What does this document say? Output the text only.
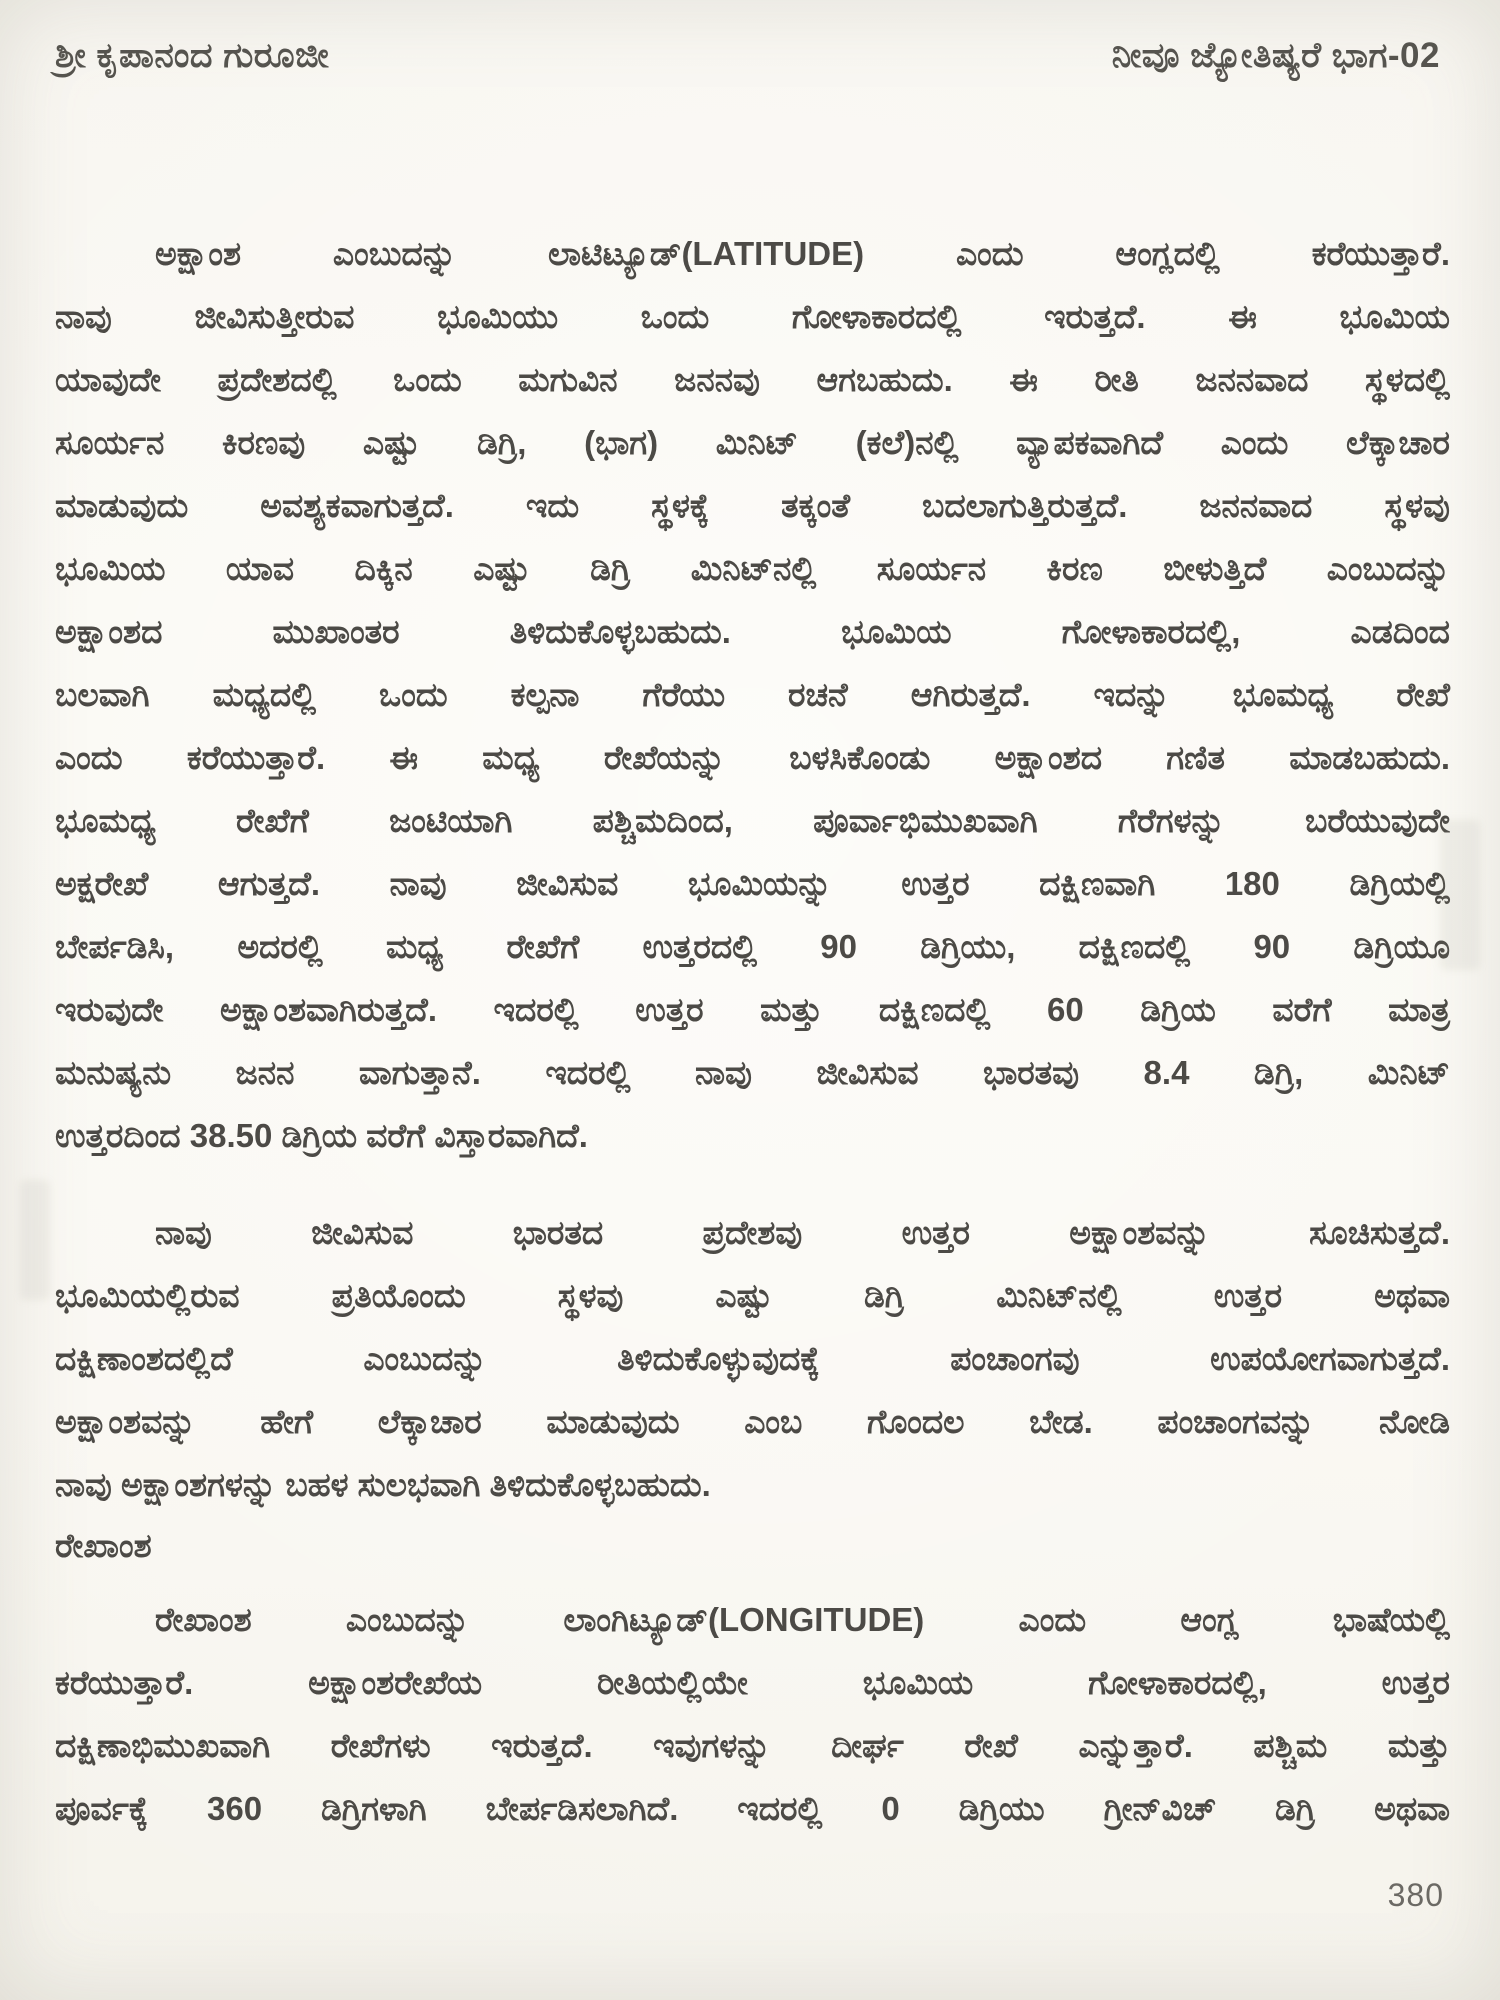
ಶ್ರೀ ಕೃಪಾನಂದ ಗುರೂಜೀ	ನೀವೂ ಜ್ಯೋತಿಷ್ಯರೆ ಭಾಗ-02
ಅಕ್ಷಾಂಶ ಎಂಬುದನ್ನು ಲಾಟಿಟ್ಯೂಡ್(LATITUDE) ಎಂದು ಆಂಗ್ಲದಲ್ಲಿ ಕರೆಯುತ್ತಾರೆ.
ನಾವು ಜೀವಿಸುತ್ತೀರುವ ಭೂಮಿಯು ಒಂದು ಗೋಳಾಕಾರದಲ್ಲಿ ಇರುತ್ತದೆ. ಈ ಭೂಮಿಯ
ಯಾವುದೇ ಪ್ರದೇಶದಲ್ಲಿ ಒಂದು ಮಗುವಿನ ಜನನವು ಆಗಬಹುದು. ಈ ರೀತಿ ಜನನವಾದ ಸ್ಥಳದಲ್ಲಿ
ಸೂರ್ಯನ ಕಿರಣವು ಎಷ್ಟು ಡಿಗ್ರಿ, (ಭಾಗ) ಮಿನಿಟ್ (ಕಲೆ)ನಲ್ಲಿ ವ್ಯಾಪಕವಾಗಿದೆ ಎಂದು ಲೆಕ್ಕಾಚಾರ
ಮಾಡುವುದು ಅವಶ್ಯಕವಾಗುತ್ತದೆ. ಇದು ಸ್ಥಳಕ್ಕೆ ತಕ್ಕಂತೆ ಬದಲಾಗುತ್ತಿರುತ್ತದೆ. ಜನನವಾದ ಸ್ಥಳವು
ಭೂಮಿಯ ಯಾವ ದಿಕ್ಕಿನ ಎಷ್ಟು ಡಿಗ್ರಿ ಮಿನಿಟ್‌ನಲ್ಲಿ ಸೂರ್ಯನ ಕಿರಣ ಬೀಳುತ್ತಿದೆ ಎಂಬುದನ್ನು
ಅಕ್ಷಾಂಶದ ಮುಖಾಂತರ ತಿಳಿದುಕೊಳ್ಳಬಹುದು. ಭೂಮಿಯ ಗೋಳಾಕಾರದಲ್ಲಿ, ಎಡದಿಂದ
ಬಲವಾಗಿ ಮಧ್ಯದಲ್ಲಿ ಒಂದು ಕಲ್ಪನಾ ಗೆರೆಯು ರಚನೆ ಆಗಿರುತ್ತದೆ. ಇದನ್ನು ಭೂಮಧ್ಯ ರೇಖೆ
ಎಂದು ಕರೆಯುತ್ತಾರೆ. ಈ ಮಧ್ಯ ರೇಖೆಯನ್ನು ಬಳಸಿಕೊಂಡು ಅಕ್ಷಾಂಶದ ಗಣಿತ ಮಾಡಬಹುದು.
ಭೂಮಧ್ಯ ರೇಖೆಗೆ ಜಂಟಿಯಾಗಿ ಪಶ್ಚಿಮದಿಂದ, ಪೂರ್ವಾಭಿಮುಖವಾಗಿ ಗೆರೆಗಳನ್ನು ಬರೆಯುವುದೇ
ಅಕ್ಷರೇಖೆ ಆಗುತ್ತದೆ. ನಾವು ಜೀವಿಸುವ ಭೂಮಿಯನ್ನು ಉತ್ತರ ದಕ್ಷಿಣವಾಗಿ 180 ಡಿಗ್ರಿಯಲ್ಲಿ
ಬೇರ್ಪಡಿಸಿ, ಅದರಲ್ಲಿ ಮಧ್ಯ ರೇಖೆಗೆ ಉತ್ತರದಲ್ಲಿ 90 ಡಿಗ್ರಿಯು, ದಕ್ಷಿಣದಲ್ಲಿ 90 ಡಿಗ್ರಿಯೂ
ಇರುವುದೇ ಅಕ್ಷಾಂಶವಾಗಿರುತ್ತದೆ. ಇದರಲ್ಲಿ ಉತ್ತರ ಮತ್ತು ದಕ್ಷಿಣದಲ್ಲಿ 60 ಡಿಗ್ರಿಯ ವರೆಗೆ ಮಾತ್ರ
ಮನುಷ್ಯನು ಜನನ ವಾಗುತ್ತಾನೆ. ಇದರಲ್ಲಿ ನಾವು ಜೀವಿಸುವ ಭಾರತವು 8.4 ಡಿಗ್ರಿ, ಮಿನಿಟ್
ಉತ್ತರದಿಂದ 38.50 ಡಿಗ್ರಿಯ ವರೆಗೆ ವಿಸ್ತಾರವಾಗಿದೆ.
ನಾವು ಜೀವಿಸುವ ಭಾರತದ ಪ್ರದೇಶವು ಉತ್ತರ ಅಕ್ಷಾಂಶವನ್ನು ಸೂಚಿಸುತ್ತದೆ.
ಭೂಮಿಯಲ್ಲಿರುವ ಪ್ರತಿಯೊಂದು ಸ್ಥಳವು ಎಷ್ಟು ಡಿಗ್ರಿ ಮಿನಿಟ್‌ನಲ್ಲಿ ಉತ್ತರ ಅಥವಾ
ದಕ್ಷಿಣಾಂಶದಲ್ಲಿದೆ ಎಂಬುದನ್ನು ತಿಳಿದುಕೊಳ್ಳುವುದಕ್ಕೆ ಪಂಚಾಂಗವು ಉಪಯೋಗವಾಗುತ್ತದೆ.
ಅಕ್ಷಾಂಶವನ್ನು ಹೇಗೆ ಲೆಕ್ಕಾಚಾರ ಮಾಡುವುದು ಎಂಬ ಗೊಂದಲ ಬೇಡ. ಪಂಚಾಂಗವನ್ನು ನೋಡಿ
ನಾವು ಅಕ್ಷಾಂಶಗಳನ್ನು ಬಹಳ ಸುಲಭವಾಗಿ ತಿಳಿದುಕೊಳ್ಳಬಹುದು.
ರೇಖಾಂಶ
ರೇಖಾಂಶ ಎಂಬುದನ್ನು ಲಾಂಗಿಟ್ಯೂಡ್(LONGITUDE) ಎಂದು ಆಂಗ್ಲ ಭಾಷೆಯಲ್ಲಿ
ಕರೆಯುತ್ತಾರೆ. ಅಕ್ಷಾಂಶರೇಖೆಯ ರೀತಿಯಲ್ಲಿಯೇ ಭೂಮಿಯ ಗೋಳಾಕಾರದಲ್ಲಿ, ಉತ್ತರ
ದಕ್ಷಿಣಾಭಿಮುಖವಾಗಿ ರೇಖೆಗಳು ಇರುತ್ತದೆ. ಇವುಗಳನ್ನು ದೀರ್ಘ ರೇಖೆ ಎನ್ನುತ್ತಾರೆ. ಪಶ್ಚಿಮ ಮತ್ತು
ಪೂರ್ವಕ್ಕೆ 360 ಡಿಗ್ರಿಗಳಾಗಿ ಬೇರ್ಪಡಿಸಲಾಗಿದೆ. ಇದರಲ್ಲಿ 0 ಡಿಗ್ರಿಯು ಗ್ರೀನ್‌ವಿಚ್ ಡಿಗ್ರಿ ಅಥವಾ
380
